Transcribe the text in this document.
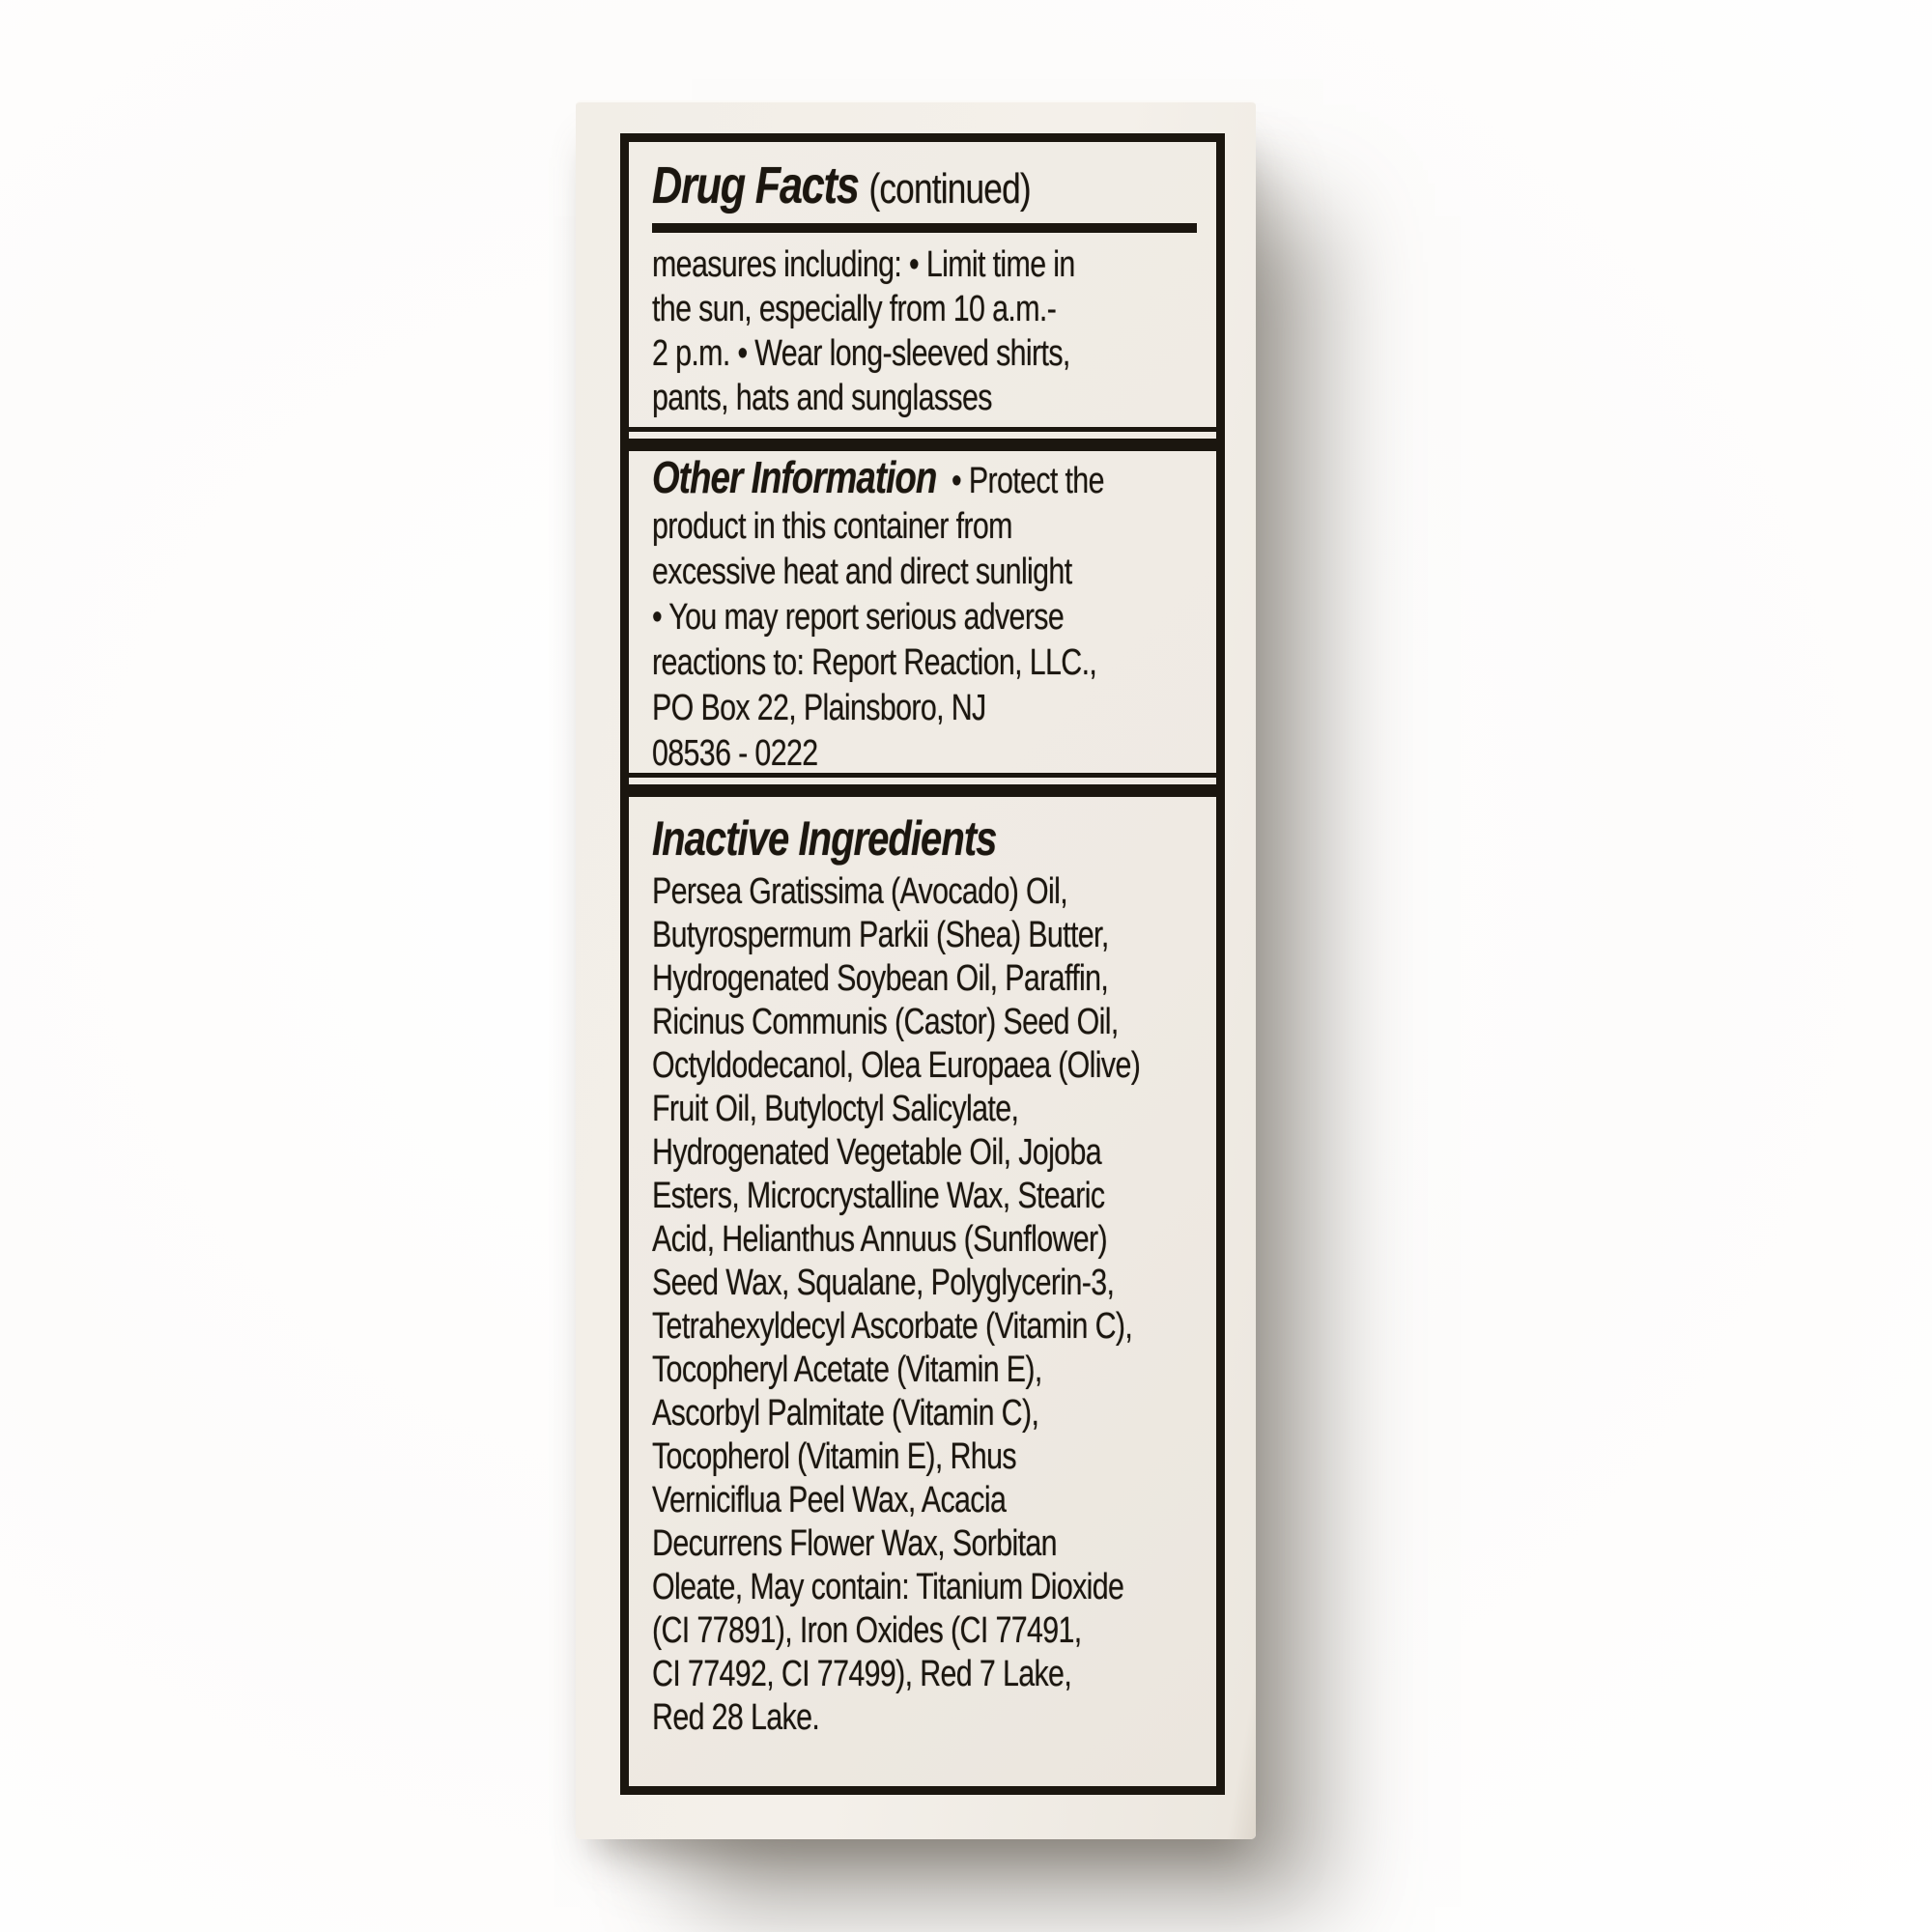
Drug Facts (continued)

measures including: • Limit time in

the sun, especially from 10 a.m.-

2 p.m. • Wear long-sleeved shirts,

pants, hats and sunglasses

Other Information • Protect the

product in this container from

excessive heat and direct sunlight

• You may report serious adverse

reactions to: Report Reaction, LLC.,

PO Box 22, Plainsboro, NJ

08536 - 0222

Inactive Ingredients

Persea Gratissima (Avocado) Oil,

Butyrospermum Parkii (Shea) Butter,

Hydrogenated Soybean Oil, Paraffin,

Ricinus Communis (Castor) Seed Oil,

Octyldodecanol, Olea Europaea (Olive)

Fruit Oil, Butyloctyl Salicylate,

Hydrogenated Vegetable Oil, Jojoba

Esters, Microcrystalline Wax, Stearic

Acid, Helianthus Annuus (Sunflower)

Seed Wax, Squalane, Polyglycerin-3,

Tetrahexyldecyl Ascorbate (Vitamin C),

Tocopheryl Acetate (Vitamin E),

Ascorbyl Palmitate (Vitamin C),

Tocopherol (Vitamin E), Rhus

Verniciflua Peel Wax, Acacia

Decurrens Flower Wax, Sorbitan

Oleate, May contain: Titanium Dioxide

(CI 77891), Iron Oxides (CI 77491,

CI 77492, CI 77499), Red 7 Lake,

Red 28 Lake.
